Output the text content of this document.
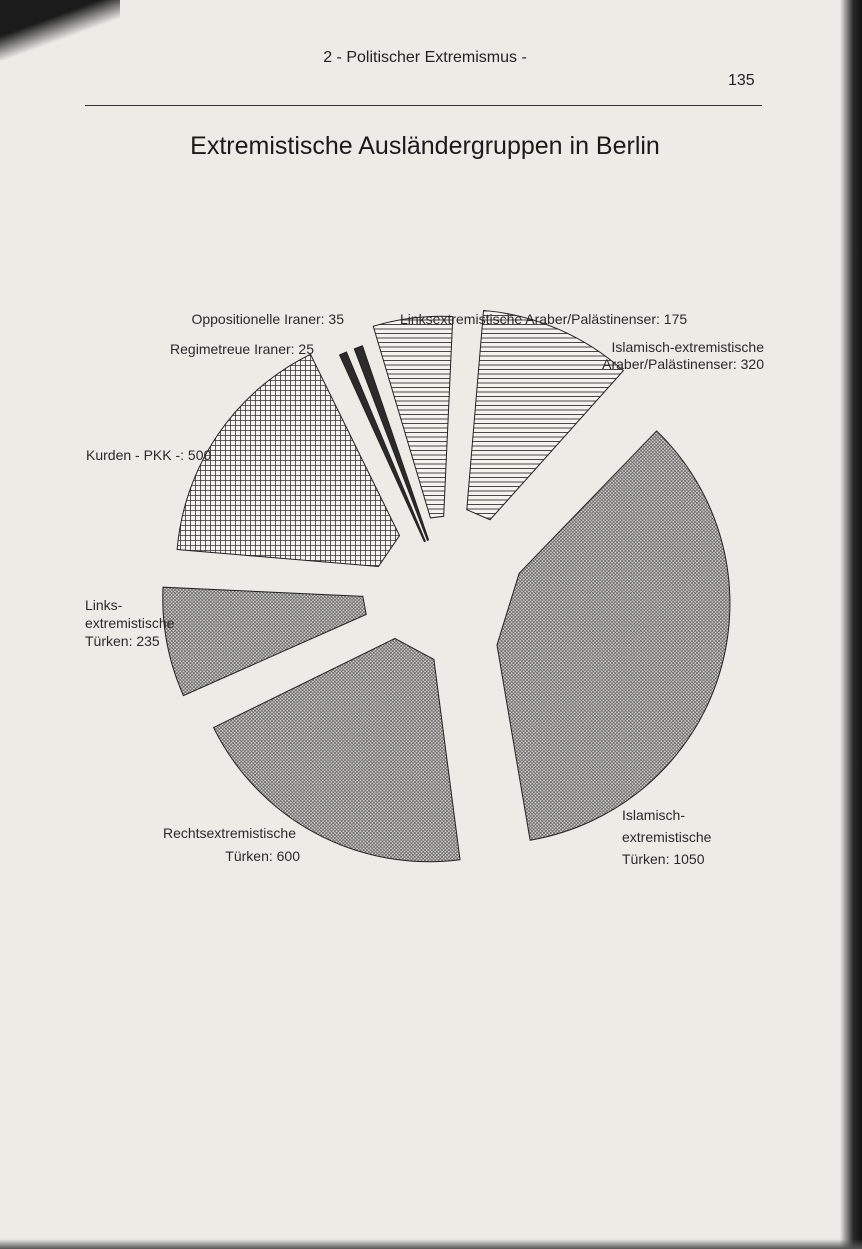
2 - Politischer Extremismus -
135
Extremistische Ausländergruppen in Berlin
Oppositionelle Iraner: 35	Linksextremistische Araber/Palästinenser: 175
Islamisch-extremistische Araber/Palästinenser: 320
Islamisch-extremistische Türken: 1050
Rechtsextremistische Türken: 600
Links-extremistische Türken: 235
Kurden - PKK -: 500
Regimetreue Iraner: 25
